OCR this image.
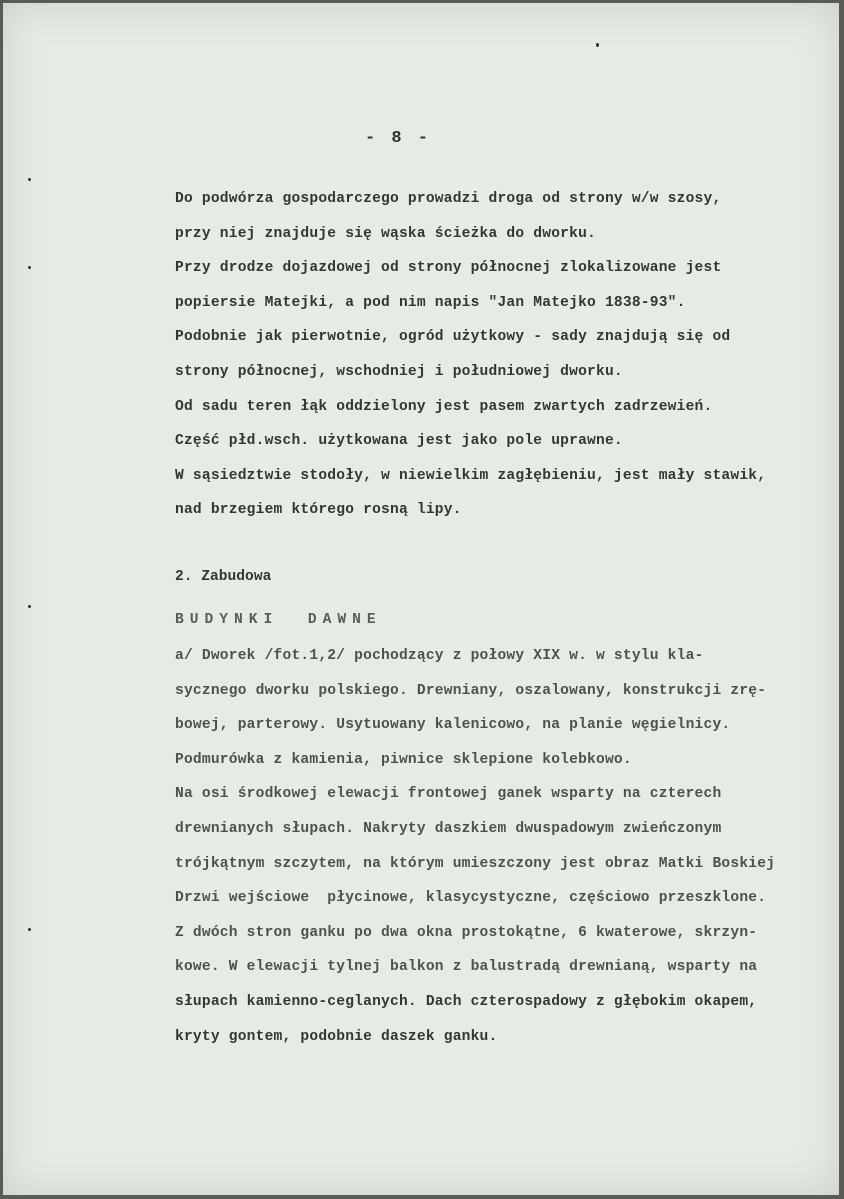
- 8 -
Do podwórza gospodarczego prowadzi droga od strony w/w szosy,
przy niej znajduje się wąska ścieżka do dworku.
Przy drodze dojazdowej od strony północnej zlokalizowane jest
popiersie Matejki, a pod nim napis "Jan Matejko 1838-93".
Podobnie jak pierwotnie, ogród użytkowy - sady znajdują się od
strony północnej, wschodniej i południowej dworku.
Od sadu teren łąk oddzielony jest pasem zwartych zadrzewień.
Część płd.wsch. użytkowana jest jako pole uprawne.
W sąsiedztwie stodoły, w niewielkim zagłębieniu, jest mały stawik,
nad brzegiem którego rosną lipy.
2. Zabudowa
BUDYNKI  DAWNE
a/ Dworek /fot.1,2/ pochodzący z połowy XIX w. w stylu kla-
sycznego dworku polskiego. Drewniany, oszalowany, konstrukcji zrę-
bowej, parterowy. Usytuowany kalenicowo, na planie węgielnicy.
Podmurówka z kamienia, piwnice sklepione kolebkowo.
Na osi środkowej elewacji frontowej ganek wsparty na czterech
drewnianych słupach. Nakryty daszkiem dwuspadowym zwieńczonym
trójkątnym szczytem, na którym umieszczony jest obraz Matki Boskiej
Drzwi wejściowe  płycinowe, klasycystyczne, częściowo przeszklone.
Z dwóch stron ganku po dwa okna prostokątne, 6 kwaterowe, skrzyn-
kowe. W elewacji tylnej balkon z balustradą drewnianą, wsparty na
słupach kamienno-ceglanych. Dach czterospadowy z głębokim okapem,
kryty gontem, podobnie daszek ganku.
